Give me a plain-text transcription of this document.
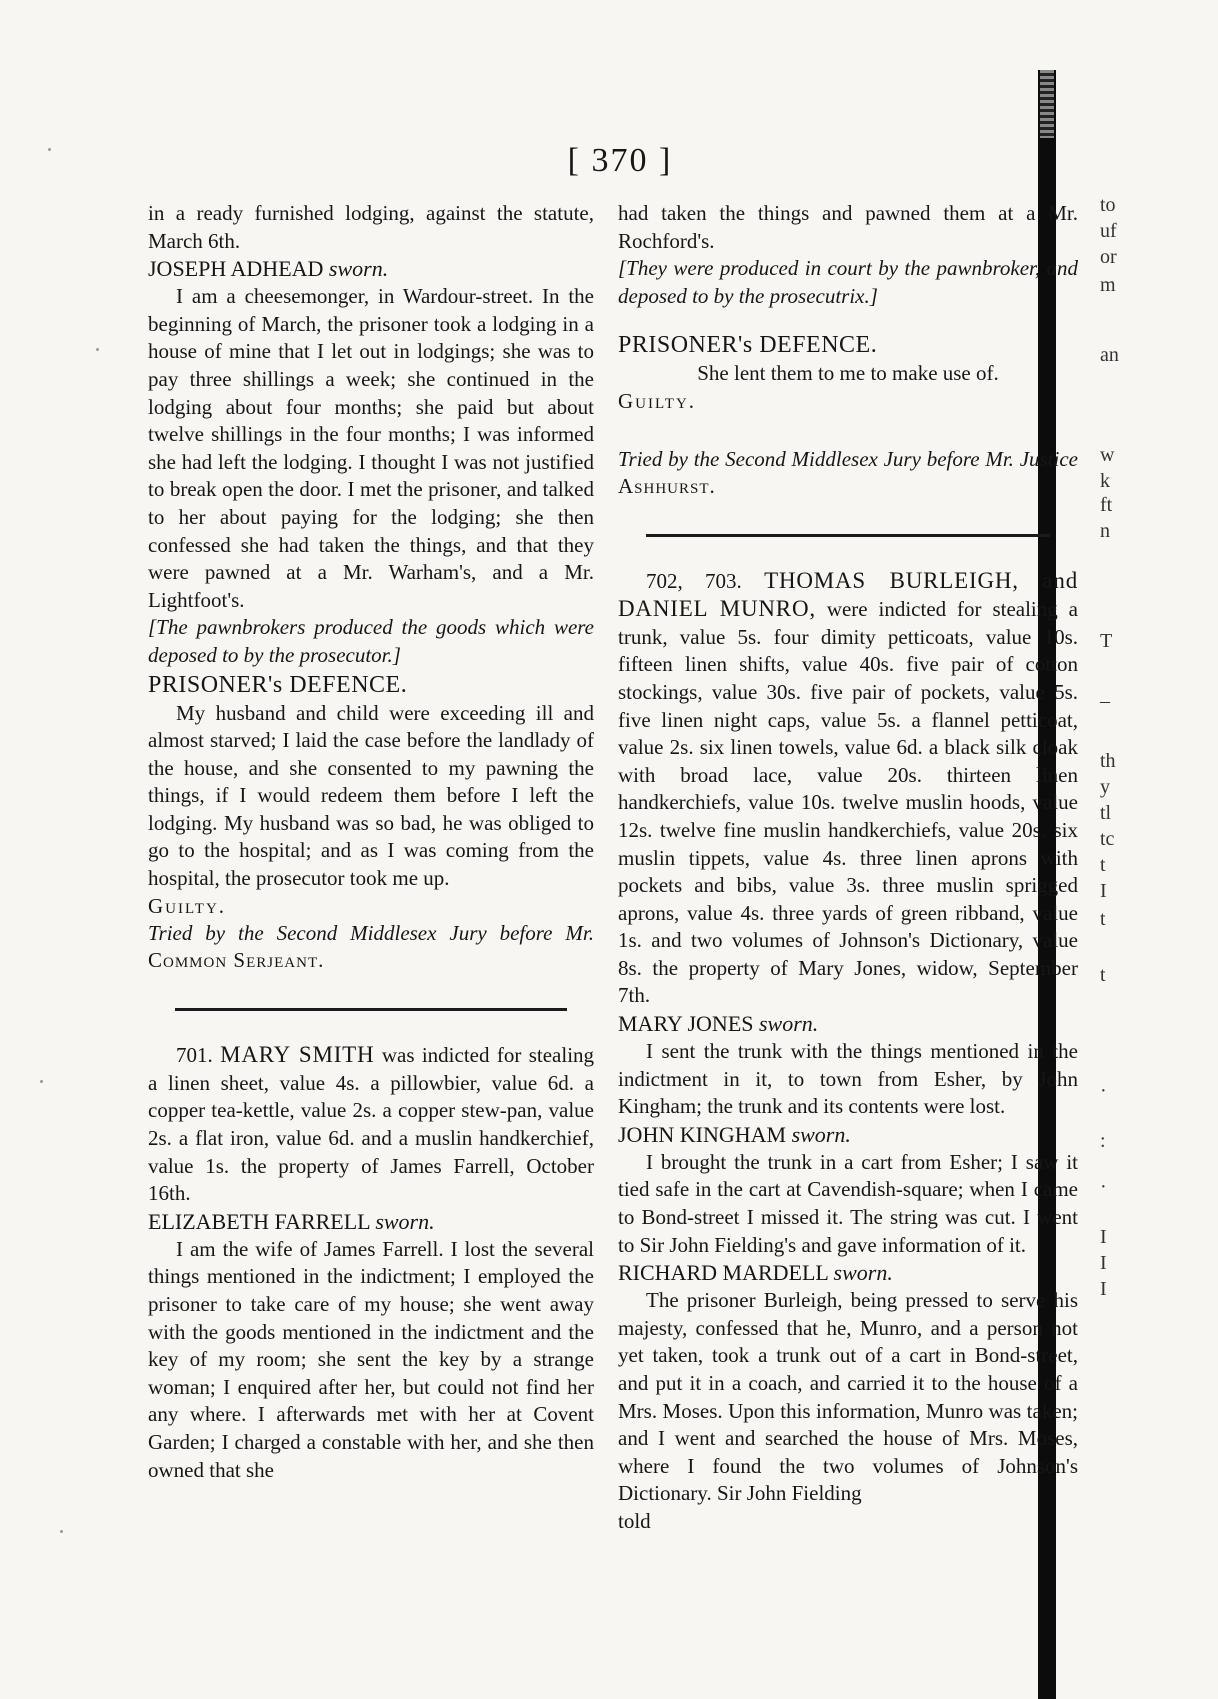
[ 370 ]

in a ready furnished lodging, against the statute, March 6th.

JOSEPH ADHEAD sworn.

I am a cheesemonger, in Wardour-street. In the beginning of March, the prisoner took a lodging in a house of mine that I let out in lodgings; she was to pay three shillings a week; she continued in the lodging about four months; she paid but about twelve shillings in the four months; I was informed she had left the lodging. I thought I was not justified to break open the door. I met the prisoner, and talked to her about paying for the lodging; she then confessed she had taken the things, and that they were pawned at a Mr. Warham's, and a Mr. Lightfoot's.

[The pawnbrokers produced the goods which were deposed to by the prosecutor.]

PRISONER's DEFENCE.

My husband and child were exceeding ill and almost starved; I laid the case before the landlady of the house, and she consented to my pawning the things, if I would redeem them before I left the lodging. My husband was so bad, he was obliged to go to the hospital; and as I was coming from the hospital, the prosecutor took me up.

Guilty.

Tried by the Second Middlesex Jury before Mr. Common Serjeant.

701. MARY SMITH was indicted for stealing a linen sheet, value 4s. a pillowbier, value 6d. a copper tea-kettle, value 2s. a copper stew-pan, value 2s. a flat iron, value 6d. and a muslin handkerchief, value 1s. the property of James Farrell, October 16th.

ELIZABETH FARRELL sworn.

I am the wife of James Farrell. I lost the several things mentioned in the indictment; I employed the prisoner to take care of my house; she went away with the goods mentioned in the indictment and the key of my room; she sent the key by a strange woman; I enquired after her, but could not find her any where. I afterwards met with her at Covent Garden; I charged a constable with her, and she then owned that she

had taken the things and pawned them at a Mr. Rochford's.

[They were produced in court by the pawnbroker, and deposed to by the prosecutrix.]

PRISONER's DEFENCE.

She lent them to me to make use of.

Guilty.

Tried by the Second Middlesex Jury before Mr. Justice Ashhurst.

702, 703. THOMAS BURLEIGH, and DANIEL MUNRO, were indicted for stealing a trunk, value 5s. four dimity petticoats, value 10s. fifteen linen shifts, value 40s. five pair of cotton stockings, value 30s. five pair of pockets, value 5s. five linen night caps, value 5s. a flannel petticoat, value 2s. six linen towels, value 6d. a black silk cloak with broad lace, value 20s. thirteen linen handkerchiefs, value 10s. twelve muslin hoods, value 12s. twelve fine muslin handkerchiefs, value 20s. six muslin tippets, value 4s. three linen aprons with pockets and bibs, value 3s. three muslin sprigged aprons, value 4s. three yards of green ribband, value 1s. and two volumes of Johnson's Dictionary, value 8s. the property of Mary Jones, widow, September 7th.

MARY JONES sworn.

I sent the trunk with the things mentioned in the indictment in it, to town from Esher, by John Kingham; the trunk and its contents were lost.

JOHN KINGHAM sworn.

I brought the trunk in a cart from Esher; I saw it tied safe in the cart at Cavendish-square; when I came to Bond-street I missed it. The string was cut. I went to Sir John Fielding's and gave information of it.

RICHARD MARDELL sworn.

The prisoner Burleigh, being pressed to serve his majesty, confessed that he, Munro, and a person not yet taken, took a trunk out of a cart in Bond-street, and put it in a coach, and carried it to the house of a Mrs. Moses. Upon this information, Munro was taken; and I went and searched the house of Mrs. Moses, where I found the two volumes of Johnson's Dictionary. Sir John Fielding

told

to
uf
or
m
an
w
k
ft
n
T
–
th
y
tl
tc
t
I
t
t
·
:
·
I
I
I
